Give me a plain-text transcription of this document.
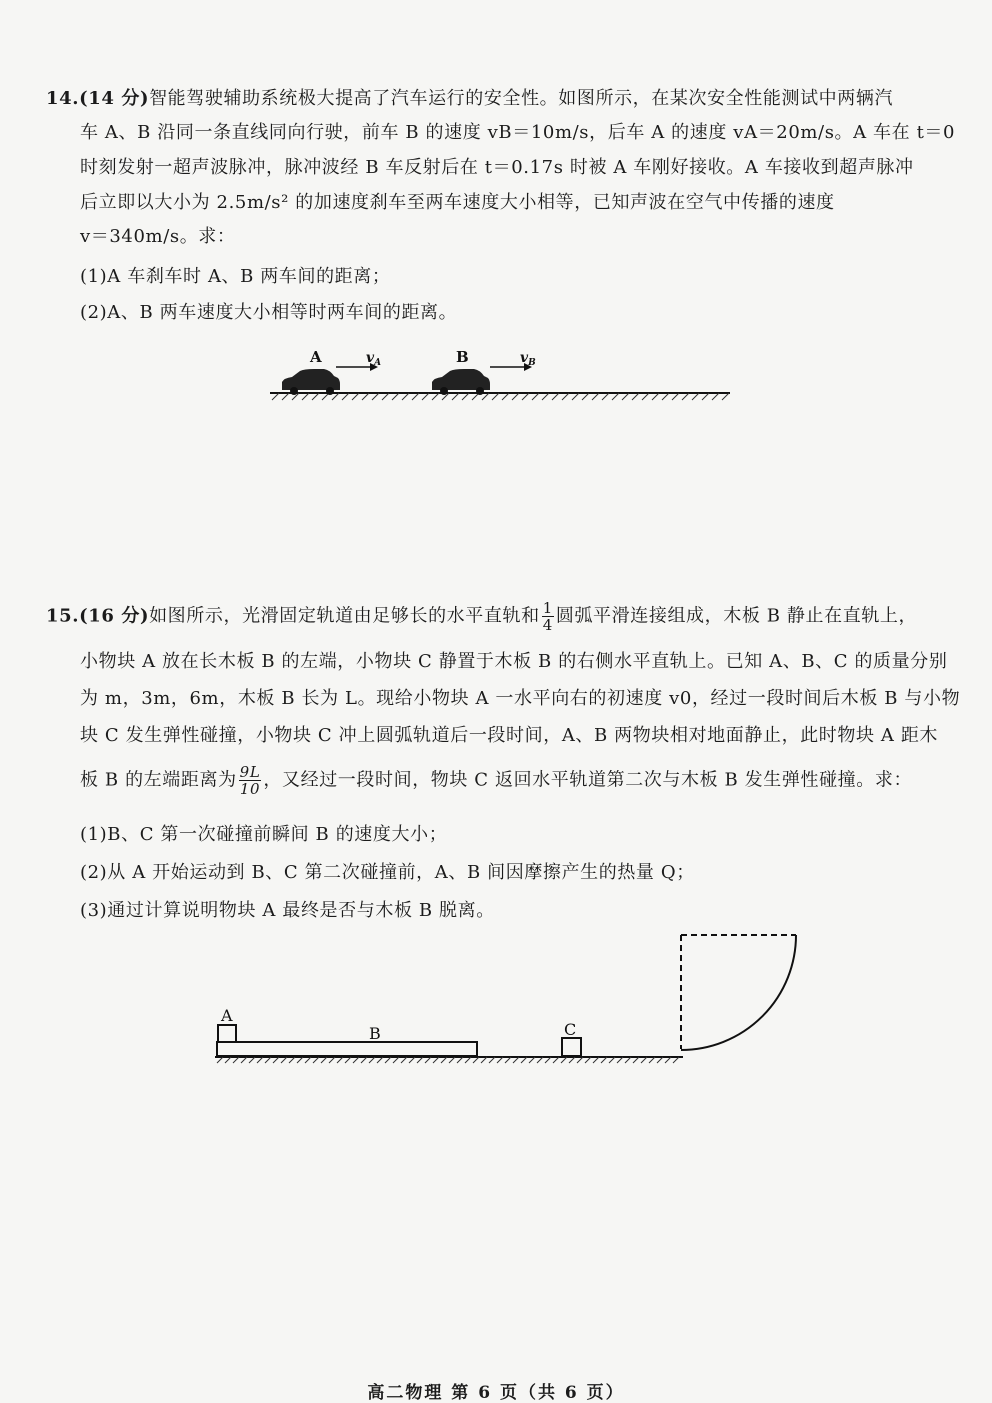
14.(14 分)智能驾驶辅助系统极大提高了汽车运行的安全性。如图所示，在某次安全性能测试中两辆汽
车 A、B 沿同一条直线同向行驶，前车 B 的速度 vB＝10m/s，后车 A 的速度 vA＝20m/s。A 车在 t＝0
时刻发射一超声波脉冲，脉冲波经 B 车反射后在 t＝0.17s 时被 A 车刚好接收。A 车接收到超声脉冲
后立即以大小为 2.5m/s² 的加速度刹车至两车速度大小相等，已知声波在空气中传播的速度
v＝340m/s。求：
(1)A 车刹车时 A、B 两车间的距离；
(2)A、B 两车速度大小相等时两车间的距离。
A	$v_A$	B	$v_B$
15.(16 分)如图所示，光滑固定轨道由足够长的水平直轨和 $\frac{1}{4}$ 圆弧平滑连接组成，木板 B 静止在直轨上，
小物块 A 放在长木板 B 的左端，小物块 C 静置于木板 B 的右侧水平直轨上。已知 A、B、C 的质量分别
为 m，3m，6m，木板 B 长为 L。现给小物块 A 一水平向右的初速度 v0，经过一段时间后木板 B 与小物
块 C 发生弹性碰撞，小物块 C 冲上圆弧轨道后一段时间，A、B 两物块相对地面静止，此时物块 A 距木
板 B 的左端距离为 $\frac{9L}{10}$ ，又经过一段时间，物块 C 返回水平轨道第二次与木板 B 发生弹性碰撞。求：
(1)B、C 第一次碰撞前瞬间 B 的速度大小；
(2)从 A 开始运动到 B、C 第二次碰撞前，A、B 间因摩擦产生的热量 Q；
(3)通过计算说明物块 A 最终是否与木板 B 脱离。
A
B	C
高二物理 第 6 页（共 6 页）
